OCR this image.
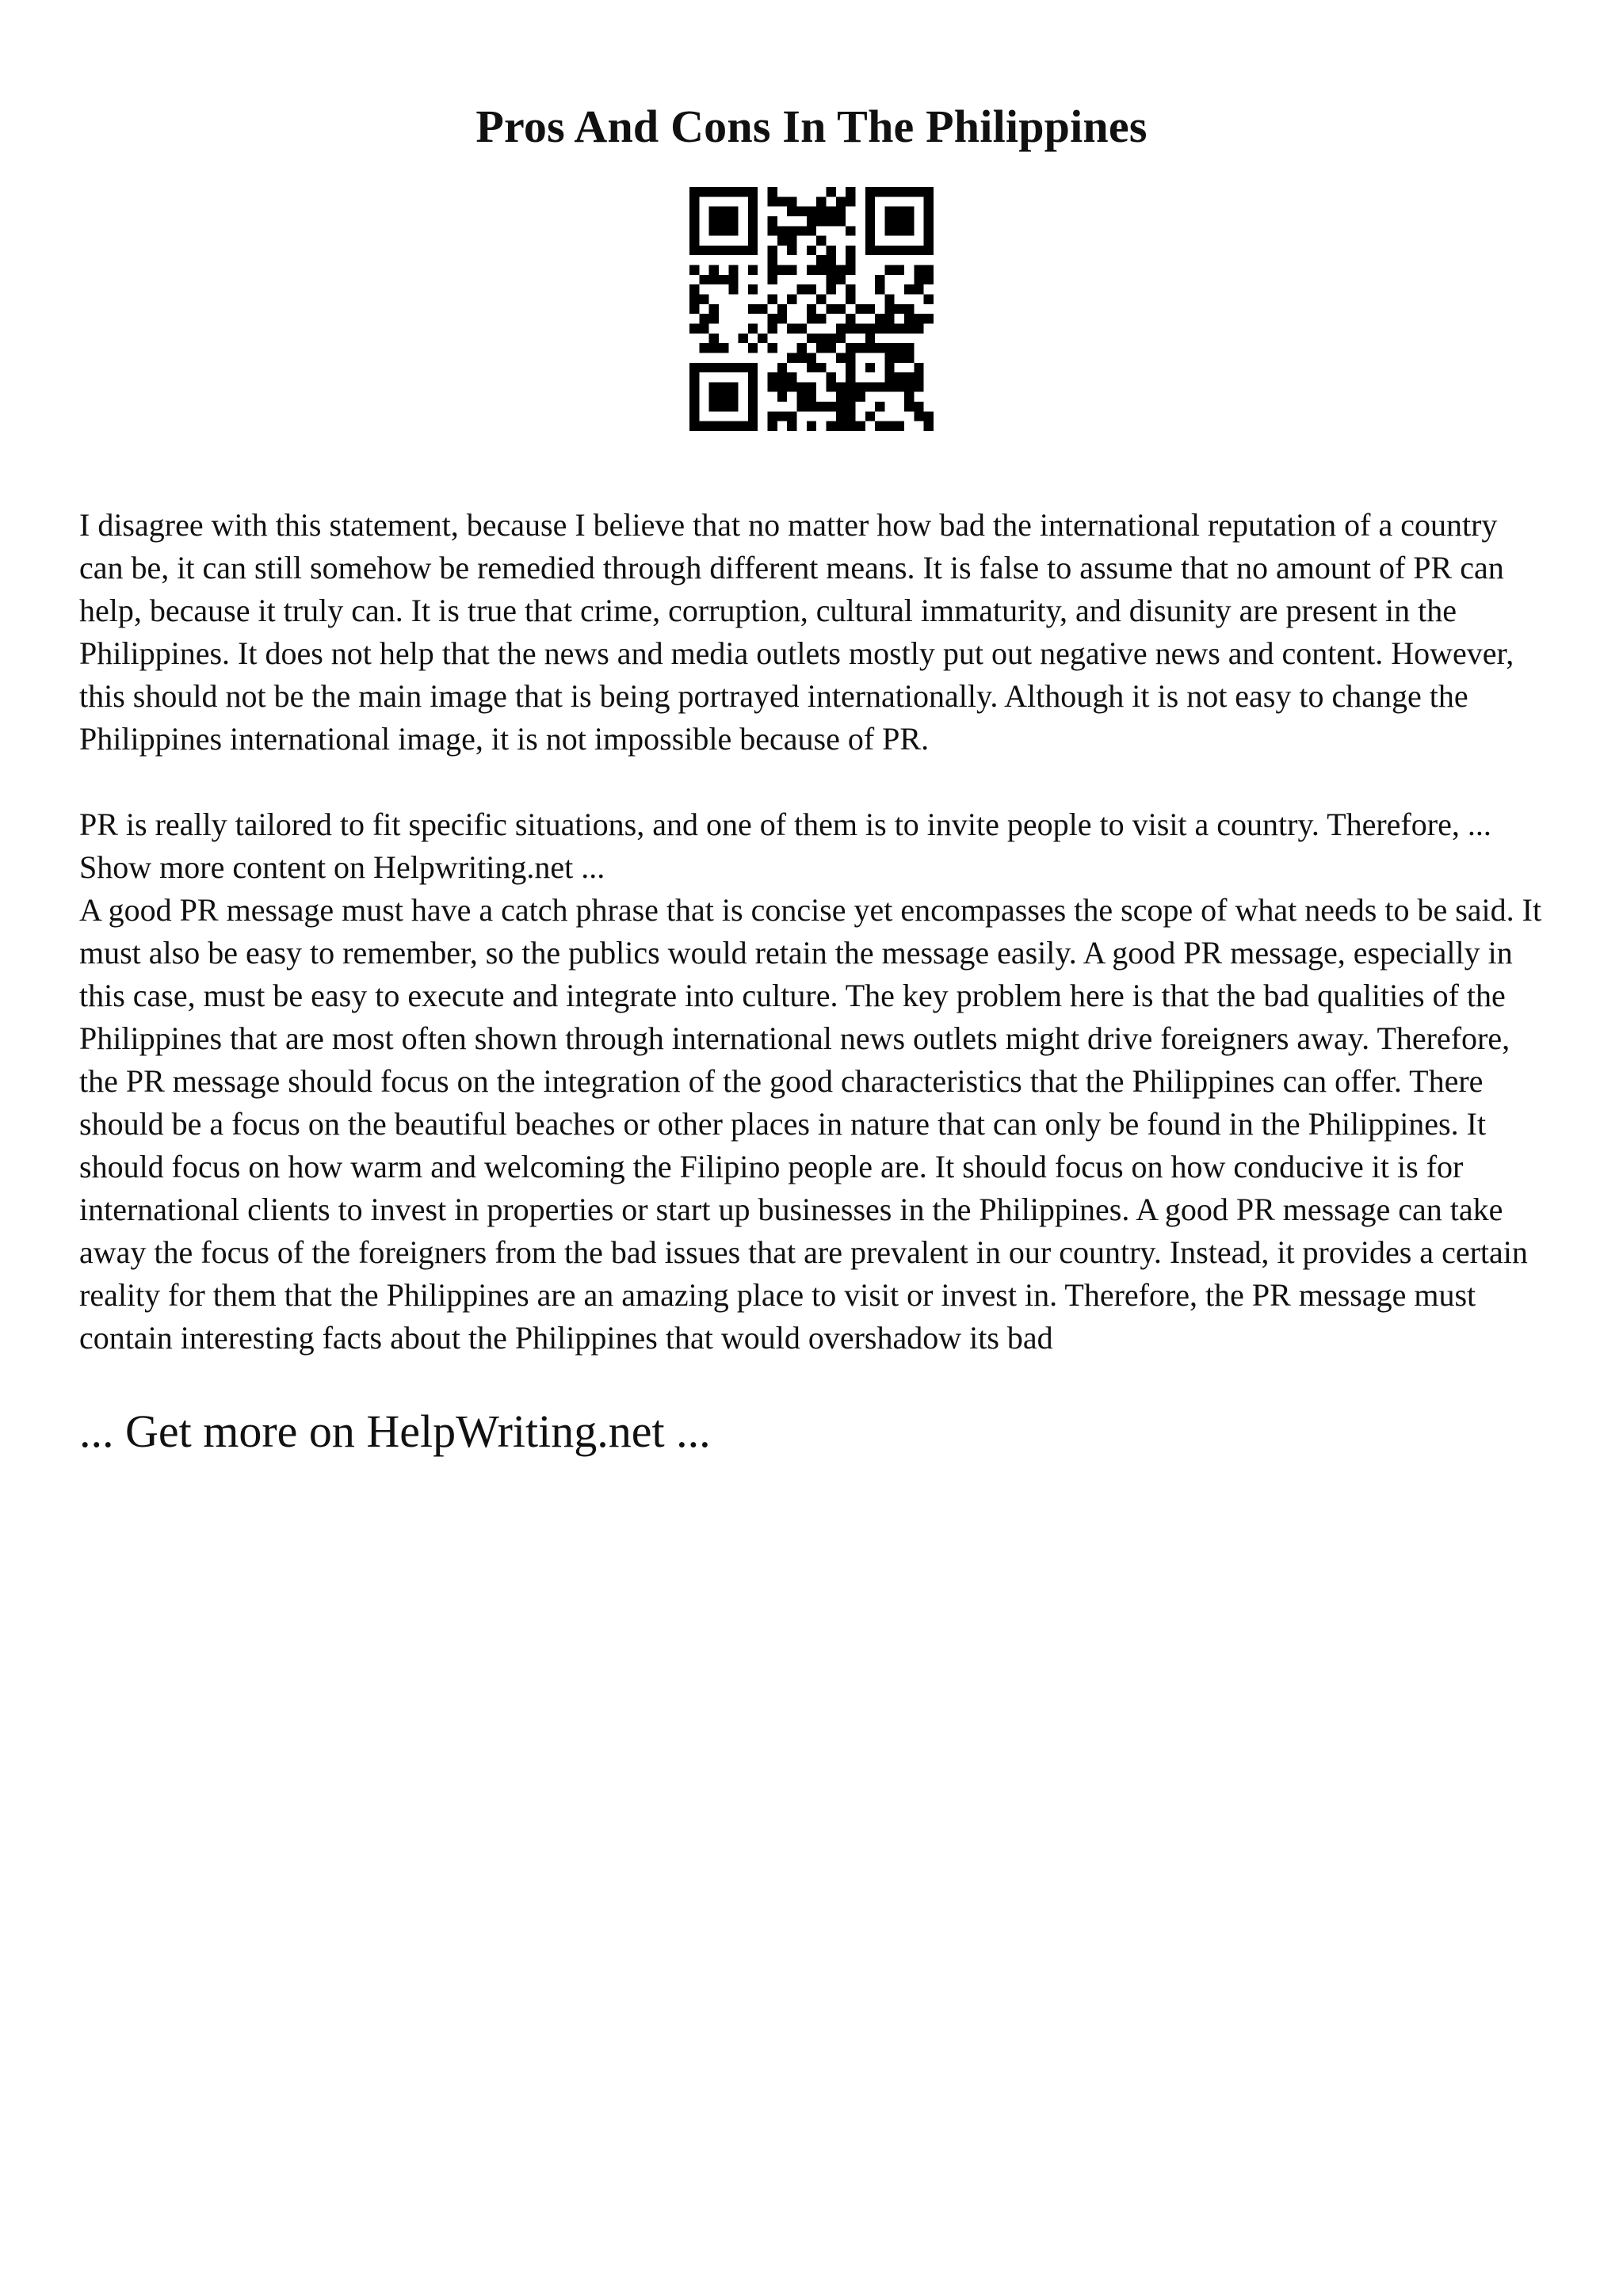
Pros And Cons In The Philippines

I disagree with this statement, because I believe that no matter how bad the international reputation of a country can be, it can still somehow be remedied through different means. It is false to assume that no amount of PR can help, because it truly can. It is true that crime, corruption, cultural immaturity, and disunity are present in the Philippines. It does not help that the news and media outlets mostly put out negative news and content. However, this should not be the main image that is being portrayed internationally. Although it is not easy to change the Philippines international image, it is not impossible because of PR.

PR is really tailored to fit specific situations, and one of them is to invite people to visit a country. Therefore, ... Show more content on Helpwriting.net ...

A good PR message must have a catch phrase that is concise yet encompasses the scope of what needs to be said. It must also be easy to remember, so the publics would retain the message easily. A good PR message, especially in this case, must be easy to execute and integrate into culture. The key problem here is that the bad qualities of the Philippines that are most often shown through international news outlets might drive foreigners away. Therefore, the PR message should focus on the integration of the good characteristics that the Philippines can offer. There should be a focus on the beautiful beaches or other places in nature that can only be found in the Philippines. It should focus on how warm and welcoming the Filipino people are. It should focus on how conducive it is for international clients to invest in properties or start up businesses in the Philippines. A good PR message can take away the focus of the foreigners from the bad issues that are prevalent in our country. Instead, it provides a certain reality for them that the Philippines are an amazing place to visit or invest in. Therefore, the PR message must contain interesting facts about the Philippines that would overshadow its bad

... Get more on HelpWriting.net ...
